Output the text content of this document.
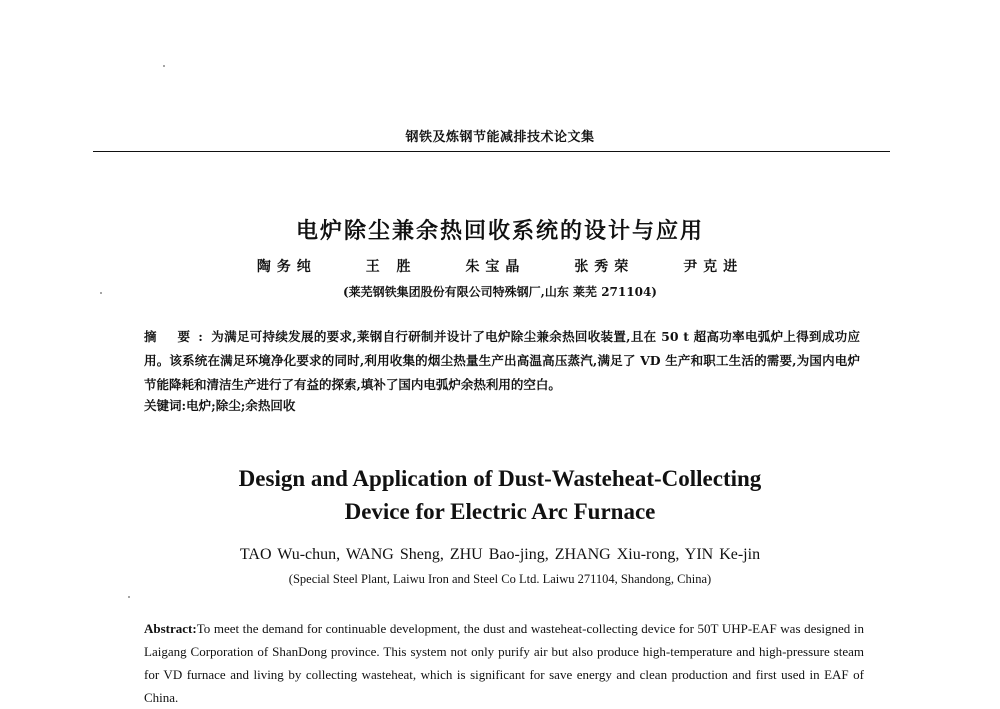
钢铁及炼钢节能减排技术论文集
电炉除尘兼余热回收系统的设计与应用
陶务纯	王 胜	朱宝晶	张秀荣	尹克进
(莱芜钢铁集团股份有限公司特殊钢厂,山东 莱芜 271104)
摘 要:为满足可持续发展的要求,莱钢自行研制并设计了电炉除尘兼余热回收装置,且在 50 t 超高功率电弧炉上得到成功应用。该系统在满足环境净化要求的同时,利用收集的烟尘热量生产出高温高压蒸汽,满足了 VD 生产和职工生活的需要,为国内电炉节能降耗和清洁生产进行了有益的探索,填补了国内电弧炉余热利用的空白。
关键词:电炉;除尘;余热回收
Design and Application of Dust-Wasteheat-Collecting
Device for Electric Arc Furnace
TAO Wu-chun, WANG Sheng, ZHU Bao-jing, ZHANG Xiu-rong, YIN Ke-jin
(Special Steel Plant, Laiwu Iron and Steel Co Ltd. Laiwu 271104, Shandong, China)
Abstract:To meet the demand for continuable development, the dust and wasteheat-collecting device for 50T UHP-EAF was designed in Laigang Corporation of ShanDong province. This system not only purify air but also produce high-temperature and high-pressure steam for VD furnace and living by collecting wasteheat, which is significant for save energy and clean production and first used in EAF of China.
